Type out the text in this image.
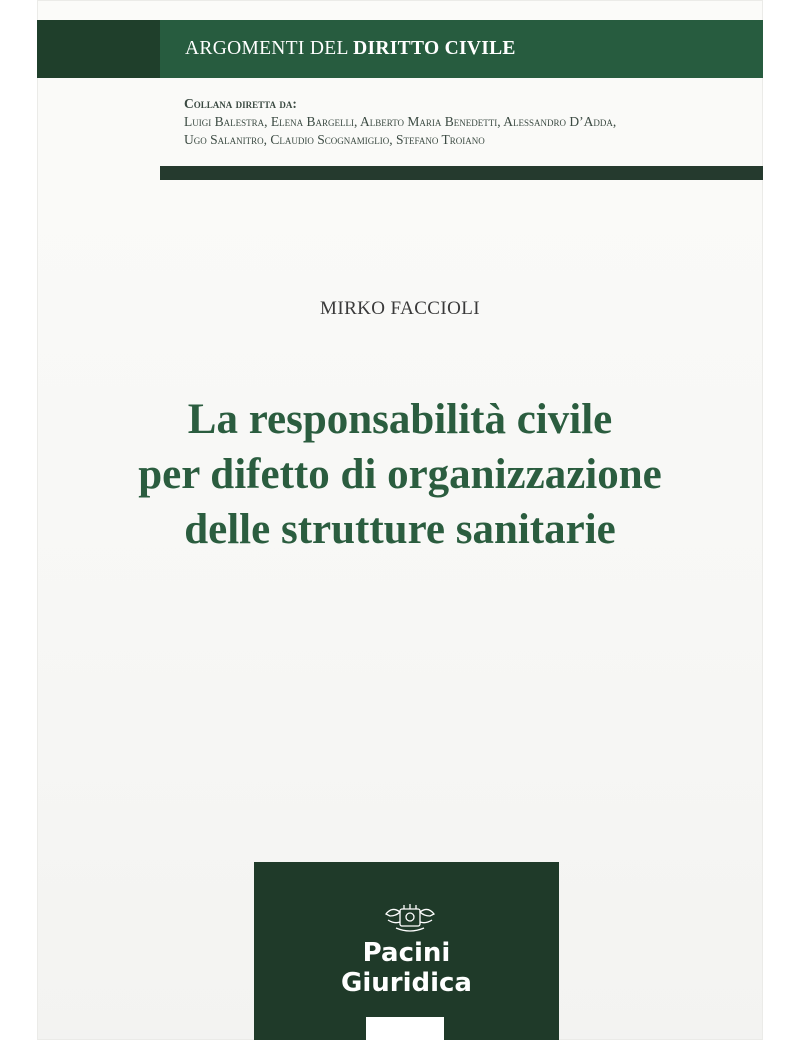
ARGOMENTI DEL DIRITTO CIVILE
Collana diretta da:
Luigi Balestra, Elena Bargelli, Alberto Maria Benedetti, Alessandro D’Adda,
Ugo Salanitro, Claudio Scognamiglio, Stefano Troiano
MIRKO FACCIOLI
La responsabilità civile
per difetto di organizzazione
delle strutture sanitarie
Pacini
Giuridica
